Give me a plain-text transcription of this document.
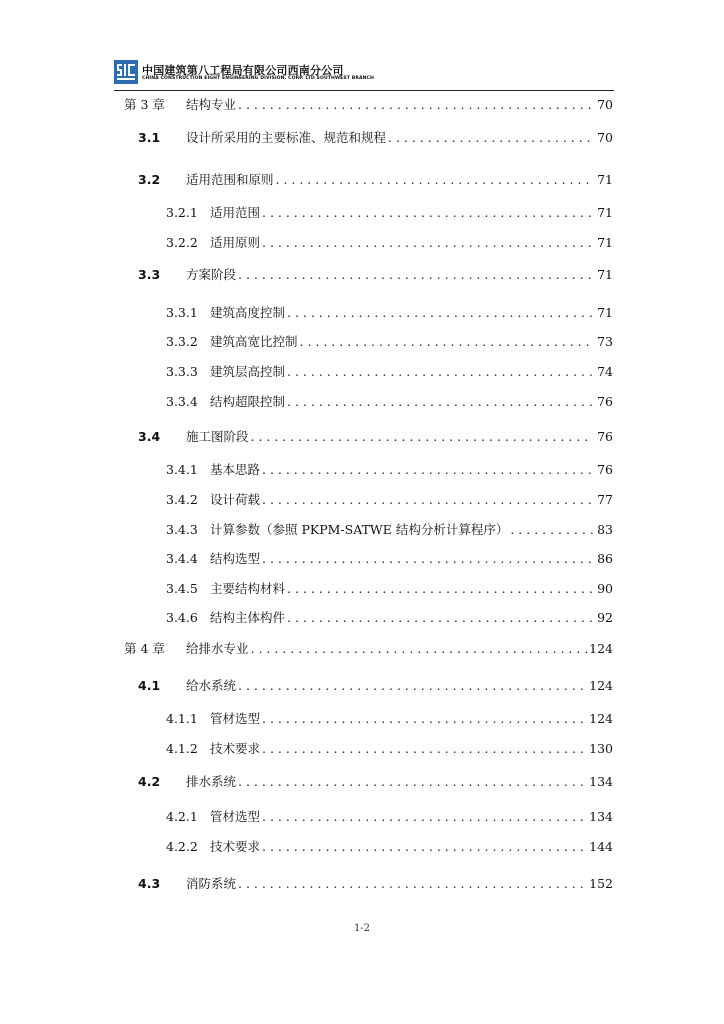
中国建筑第八工程局有限公司西南分公司
CHINA CONSTRUCTION EIGHT ENGINEERING DIVISION. CORP. LTD SOUTHWEST BRANCH
第 3 章	结构专业 . . .	70
3.1	设计所采用的主要标准、规范和规程 . . .	70
3.2	适用范围和原则 . . .	71
3.2.1 适用范围 . . .	71
3.2.2 适用原则 . . .	71
3.3	方案阶段 . . .	71
3.3.1 建筑高度控制 . . .	71
3.3.2 建筑高宽比控制 . . .	73
3.3.3 建筑层高控制 . . .	74
3.3.4 结构超限控制 . . .	76
3.4	施工图阶段 . . .	76
3.4.1 基本思路 . . .	76
3.4.2 设计荷载 . . .	77
3.4.3 计算参数（参照 PKPM-SATWE 结构分析计算程序） . . .	83
3.4.4 结构选型 . . .	86
3.4.5 主要结构材料 . . .	90
3.4.6 结构主体构件 . . .	92
第 4 章	给排水专业 . . .	124
4.1	给水系统 . . .	124
4.1.1 管材选型 . . .	124
4.1.2 技术要求 . . .	130
4.2	排水系统 . . .	134
4.2.1 管材选型 . . .	134
4.2.2 技术要求 . . .	144
4.3	消防系统 . . .	152
1-2
